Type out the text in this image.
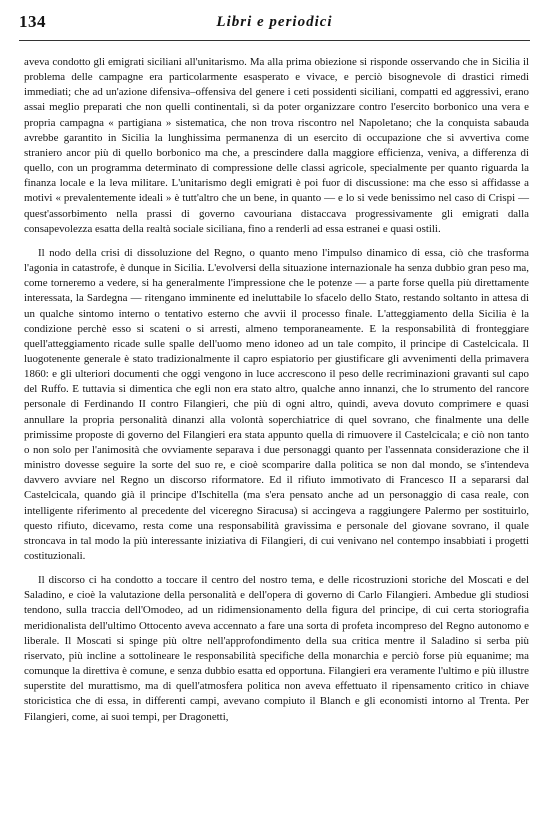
134	Libri e periodici

aveva condotto gli emigrati siciliani all'unitarismo. Ma alla prima obiezione si risponde osservando che in Sicilia il problema delle campagne era particolarmente esasperato e vivace, e perciò bisognevole di drastici rimedi immediati; che ad un'azione difensiva–offensiva del genere i ceti possidenti siciliani, compatti ed aggressivi, erano assai meglio preparati che non quelli continentali, sì da poter organizzare contro l'esercito borbonico una vera e propria campagna « partigiana » sistematica, che non trova riscontro nel Napoletano; che la conquista sabauda avrebbe garantito in Sicilia la lunghissima permanenza di un esercito di occupazione che si avvertiva come straniero ancor più di quello borbonico ma che, a prescindere dalla maggiore efficienza, veniva, a differenza di quello, con un programma determinato di compressione delle classi agricole, specialmente per quanto riguarda la finanza locale e la leva militare. L'unitarismo degli emigrati è poi fuor di discussione: ma che esso si affidasse a motivi « prevalentemente ideali » è tutt'altro che un bene, in quanto — e lo si vede benissimo nel caso di Crispi — quest'assorbimento nella prassi di governo cavouriana distaccava progressivamente gli emigrati dalla consapevolezza esatta della realtà sociale siciliana, fino a renderli ad essa estranei e quasi ostili.

Il nodo della crisi di dissoluzione del Regno, o quanto meno l'impulso dinamico di essa, ciò che trasforma l'agonia in catastrofe, è dunque in Sicilia. L'evolversi della situazione internazionale ha senza dubbio gran peso ma, come torneremo a vedere, si ha generalmente l'impressione che le potenze — a parte forse quella più direttamente interessata, la Sardegna — ritengano imminente ed ineluttabile lo sfacelo dello Stato, restando soltanto in attesa di un qualche sintomo interno o tentativo esterno che avvii il processo finale. L'atteggiamento della Sicilia è la condizione perchè esso si scateni o si arresti, almeno temporaneamente. E la responsabilità di fronteggiare quell'atteggiamento ricade sulle spalle dell'uomo meno idoneo ad un tale compito, il principe di Castelcicala. Il luogotenente generale è stato tradizionalmente il capro espiatorio per giustificare gli avvenimenti della primavera 1860: e gli ulteriori documenti che oggi vengono in luce accrescono il peso delle recriminazioni gravanti sul capo del Ruffo. E tuttavia si dimentica che egli non era stato altro, qualche anno innanzi, che lo strumento del rancore personale di Ferdinando II contro Filangieri, che più di ogni altro, quindi, aveva dovuto comprimere e quasi annullare la propria personalità dinanzi alla volontà soperchiatrice di quel sovrano, che finalmente una delle primissime proposte di governo del Filangieri era stata appunto quella di rimuovere il Castelcicala; e ciò non tanto o non solo per l'animosità che ovviamente separava i due personaggi quanto per l'assennata considerazione che il ministro dovesse seguire la sorte del suo re, e cioè scomparire dalla politica se non dal mondo, se s'intendeva davvero avviare nel Regno un discorso riformatore. Ed il rifiuto immotivato di Francesco II a separarsi dal Castelcicala, quando già il principe d'Ischitella (ma s'era pensato anche ad un personaggio di casa reale, con intelligente riferimento al precedente del viceregno Siracusa) si accingeva a raggiungere Palermo per sostituirlo, questo rifiuto, dicevamo, resta come una responsabilità gravissima e personale del giovane sovrano, il quale stroncava in tal modo la più interessante iniziativa di Filangieri, di cui venivano nel contempo insabbiati i progetti costituzionali.

Il discorso ci ha condotto a toccare il centro del nostro tema, e delle ricostruzioni storiche del Moscati e del Saladino, e cioè la valutazione della personalità e dell'opera di governo di Carlo Filangieri. Ambedue gli studiosi tendono, sulla traccia dell'Omodeo, ad un ridimensionamento della figura del principe, di cui certa storiografia meridionalista dell'ultimo Ottocento aveva accennato a fare una sorta di profeta incompreso del Regno autonomo e liberale. Il Moscati si spinge più oltre nell'approfondimento della sua critica mentre il Saladino si serba più riservato, più incline a sottolineare le responsabilità specifiche della monarchia e perciò forse più equanime; ma comunque la direttiva è comune, e senza dubbio esatta ed opportuna. Filangieri era veramente l'ultimo e più illustre superstite del murattismo, ma di quell'atmosfera politica non aveva effettuato il ripensamento critico in chiave storicistica che di essa, in differenti campi, avevano compiuto il Blanch e gli economisti intorno al Trenta. Per Filangieri, come, ai suoi tempi, per Dragonetti,
